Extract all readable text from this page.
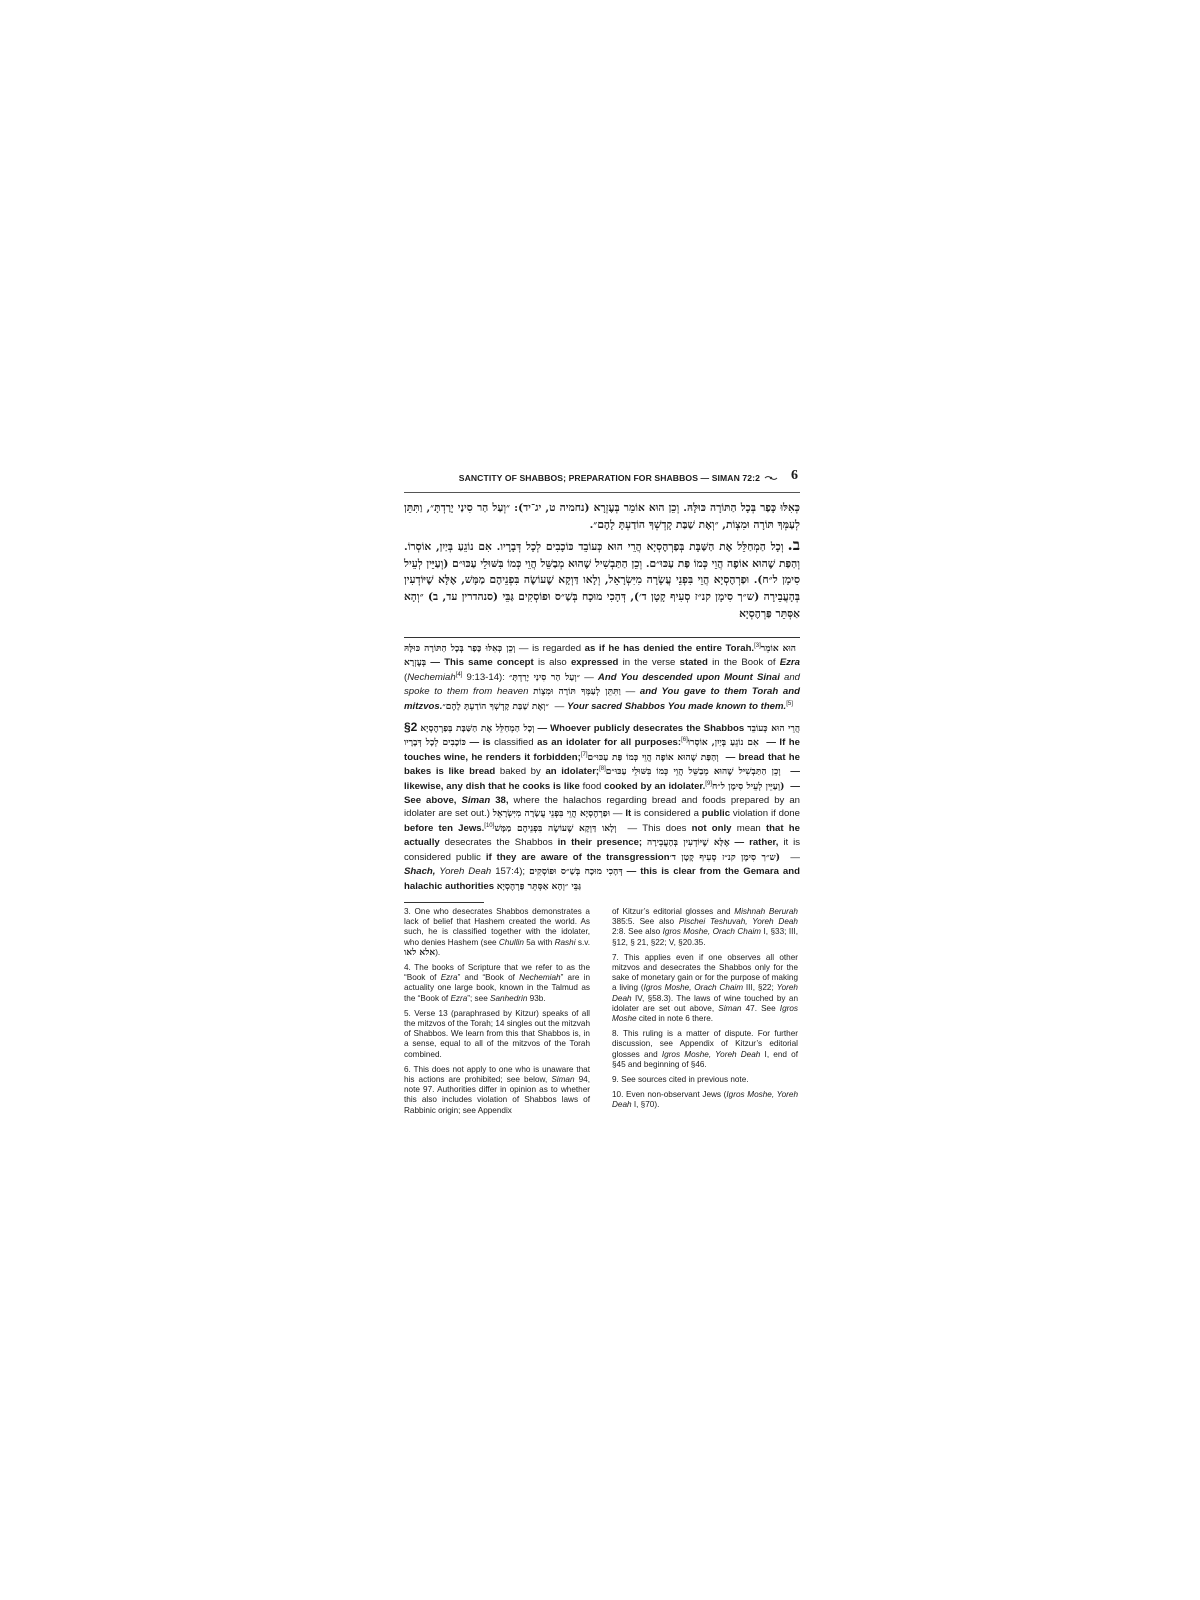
SANCTITY OF SHABBOS; PREPARATION FOR SHABBOS — SIMAN 72:2 6

כְּאִלּוּ כָּפַר בְּכָל הַתּוֹרָה כּוּלָּהּ. וְכֵן הוּא אוֹמֵר בְּעֶזְרָא (נחמיה ט, יג־יד): ״וְעַל הַר סִינַי יָרַדְתָּ״, וַתִּתֵּן לְעַמְּךָ תּוֹרָה וּמִצְוֹת, ״וְאֶת שַׁבַּת קָדְשְׁךָ הוֹדַעְתָּ לָהֶם״.

ב.וְכָל הַמְחַלֵּל אֶת הַשַּׁבָּת בְּפַרְהֶסְיָא הֲרֵי הוּא כְּעוֹבֵד כּוֹכָבִים לְכָל דְּבָרָיו. אִם נוֹגֵעַ בְּיַיִן, אוֹסְרוֹ. וְהַפַּת שֶׁהוּא אוֹפֶה הֲוֵי כְּמוֹ פַּת עַכּוּ״ם. וְכֵן הַתַּבְשִׁיל שֶׁהוּא מְבַשֵּׁל הֲוֵי כְּמוֹ בִּשּׁוּלֵי עַכּוּ״ם (וְעַיֵּין לְעֵיל סִימָן ל״ח). וּפַרְהֶסְיָא הֲוֵי בִּפְנֵי עֲשָׂרָה מִיִּשְׂרָאֵל, וְלָאו דַּוְקָא שֶׁעוֹשֶׂה בִּפְנֵיהֶם מַמָּשׁ, אֶלָּא שֶׁיּוֹדְעִין בְּהָעֲבֵירָה (ש״ך סִימָן קנ״ז סְעִיף קָטָן ד׳), דְּהָכִי מוּכָח בְּשַׁ״ס וּפוֹסְקִים גַּבֵּי (סנהדרין עד, ב) ״וְהָא אַסְּתֵּר פַּרְהֶסְיָא

וְכֵן כְּאִלּוּ כָּפַר בְּכָל הַתּוֹרָה כּוּלָּהּ — is regarded as if he has denied the entire Torah.[3] הוּא אוֹמֵר בְּעֶזְרָא — This same concept is also expressed in the verse stated in the Book of Ezra (Nechemiah[4] 9:13-14): ״וְעַל הַר סִינַי יָרַדְתָּ״ — And You descended upon Mount Sinai and spoke to them from heaven וַתִּתֵּן לְעַמְּךָ תּוֹרָה וּמִצְוֹת — and You gave to them Torah and mitzvos. ״וְאֶת שַׁבַּת קָדְשְׁךָ הוֹדַעְתָּ לָהֶם״ — Your sacred Shabbos You made known to them.[5]

§2 וְכָל הַמְחַלֵּל אֶת הַשַּׁבָּת בְּפַרְהֶסְיָא — Whoever publicly desecrates the Shabbos הֲרֵי הוּא כְּעוֹבֵד כּוֹכָבִים לְכָל דְּבָרָיו — is classified as an idolater for all purposes:[6] אִם נוֹגֵעַ בְּיַיִן, אוֹסְרוֹ — If he touches wine, he renders it forbidden;[7] וְהַפַּת שֶׁהוּא אוֹפֶה הֲוֵי כְּמוֹ פַּת עַכּוּ״ם — bread that he bakes is like bread baked by an idolater;[8] וְכֵן הַתַּבְשִׁיל שֶׁהוּא מְבַשֵּׁל הֲוֵי כְּמוֹ בִּשּׁוּלֵי עַכּוּ״ם — likewise, any dish that he cooks is like food cooked by an idolater.[9] (וְעַיֵּין לְעֵיל סִימָן ל״ח — See above, Siman 38, where the halachos regarding bread and foods prepared by an idolater are set out.) וּפַרְהֶסְיָא הֲוֵי בִּפְנֵי עֲשָׂרָה מִיִּשְׂרָאֵל — It is considered a public violation if done before ten Jews.[10] וְלָאו דַּוְקָא שֶׁעוֹשֶׂה בִּפְנֵיהֶם מַמָּשׁ — This does not only mean that he actually desecrates the Shabbos in their presence; אֶלָּא שֶׁיּוֹדְעִין בְּהָעֲבֵירָה — rather, it is considered public if they are aware of the transgression (ש״ך סִימָן קנ״ז סְעִיף קָטָן ד׳ — Shach, Yoreh Deah 157:4); דְּהָכִי מוּכָח בְּשַׁ״ס וּפוֹסְקִים — this is clear from the Gemara and halachic authorities גַּבֵּי ״וְהָא אַסְּתֵּר פַּרְהֶסְיָא

3. One who desecrates Shabbos demonstrates a lack of belief that Hashem created the world. As such, he is classified together with the idolater, who denies Hashem (see Chullin 5a with Rashi s.v. אלא לאו).

4. The books of Scripture that we refer to as the “Book of Ezra” and “Book of Nechemiah” are in actuality one large book, known in the Talmud as the “Book of Ezra”; see Sanhedrin 93b.

5. Verse 13 (paraphrased by Kitzur) speaks of all the mitzvos of the Torah; 14 singles out the mitzvah of Shabbos. We learn from this that Shabbos is, in a sense, equal to all of the mitzvos of the Torah combined.

6. This does not apply to one who is unaware that his actions are prohibited; see below, Siman 94, note 97. Authorities differ in opinion as to whether this also includes violation of Shabbos laws of Rabbinic origin; see Appendix

of Kitzur’s editorial glosses and Mishnah Berurah 385:5. See also Pischei Teshuvah, Yoreh Deah 2:8. See also Igros Moshe, Orach Chaim I, §33; III, §12, § 21, §22; V, §20.35.

7. This applies even if one observes all other mitzvos and desecrates the Shabbos only for the sake of monetary gain or for the purpose of making a living (Igros Moshe, Orach Chaim III, §22; Yoreh Deah IV, §58.3). The laws of wine touched by an idolater are set out above, Siman 47. See Igros Moshe cited in note 6 there.

8. This ruling is a matter of dispute. For further discussion, see Appendix of Kitzur’s editorial glosses and Igros Moshe, Yoreh Deah I, end of §45 and beginning of §46.

9. See sources cited in previous note.

10. Even non-observant Jews (Igros Moshe, Yoreh Deah I, §70).
